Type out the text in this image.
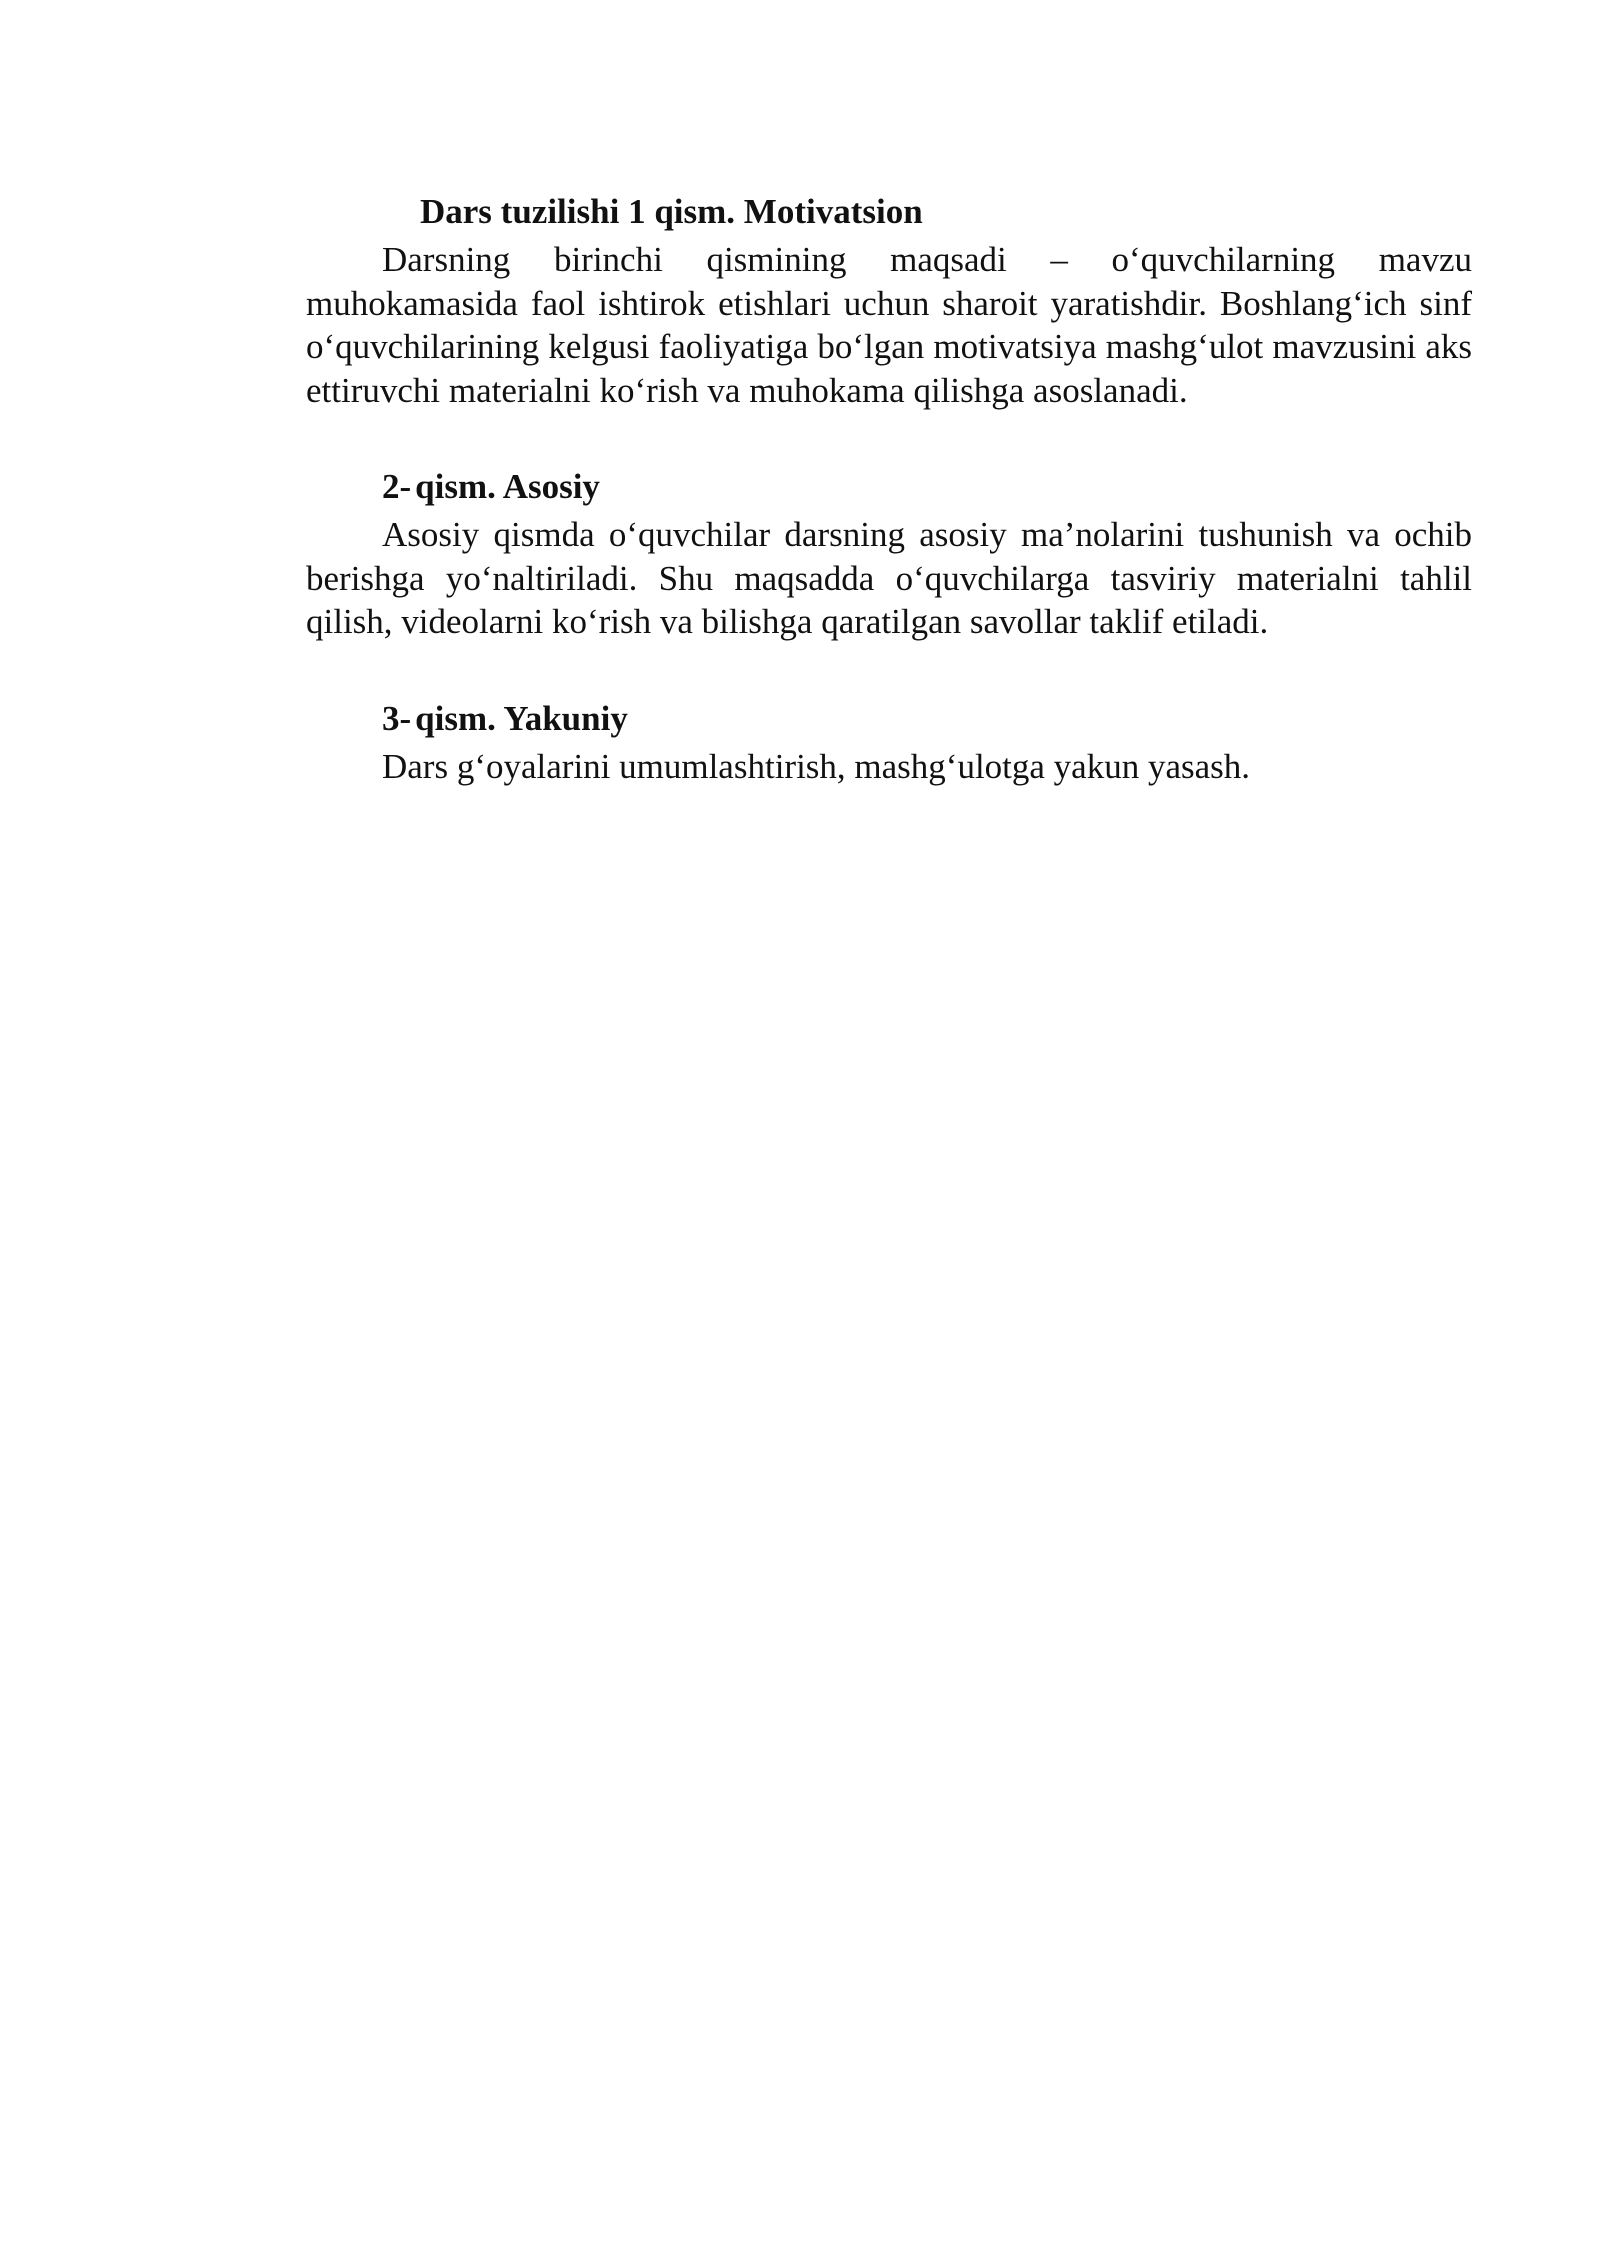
Dars tuzilishi 1 qism. Motivatsion

Darsning birinchi qismining maqsadi – o‘quvchilarning mavzu muhokamasida faol ishtirok etishlari uchun sharoit yaratishdir. Boshlang‘ich sinf o‘quvchilarining kelgusi faoliyatiga bo‘lgan motivatsiya mashg‘ulot mavzusini aks ettiruvchi materialni ko‘rish va muhokama qilishga asoslanadi.

2- qism. Asosiy

Asosiy qismda o‘quvchilar darsning asosiy ma’nolarini tushunish va ochib berishga yo‘naltiriladi. Shu maqsadda o‘quvchilarga tasviriy materialni tahlil qilish, videolarni ko‘rish va bilishga qaratilgan savollar taklif etiladi.

3- qism. Yakuniy

Dars g‘oyalarini umumlashtirish, mashg‘ulotga yakun yasash.
